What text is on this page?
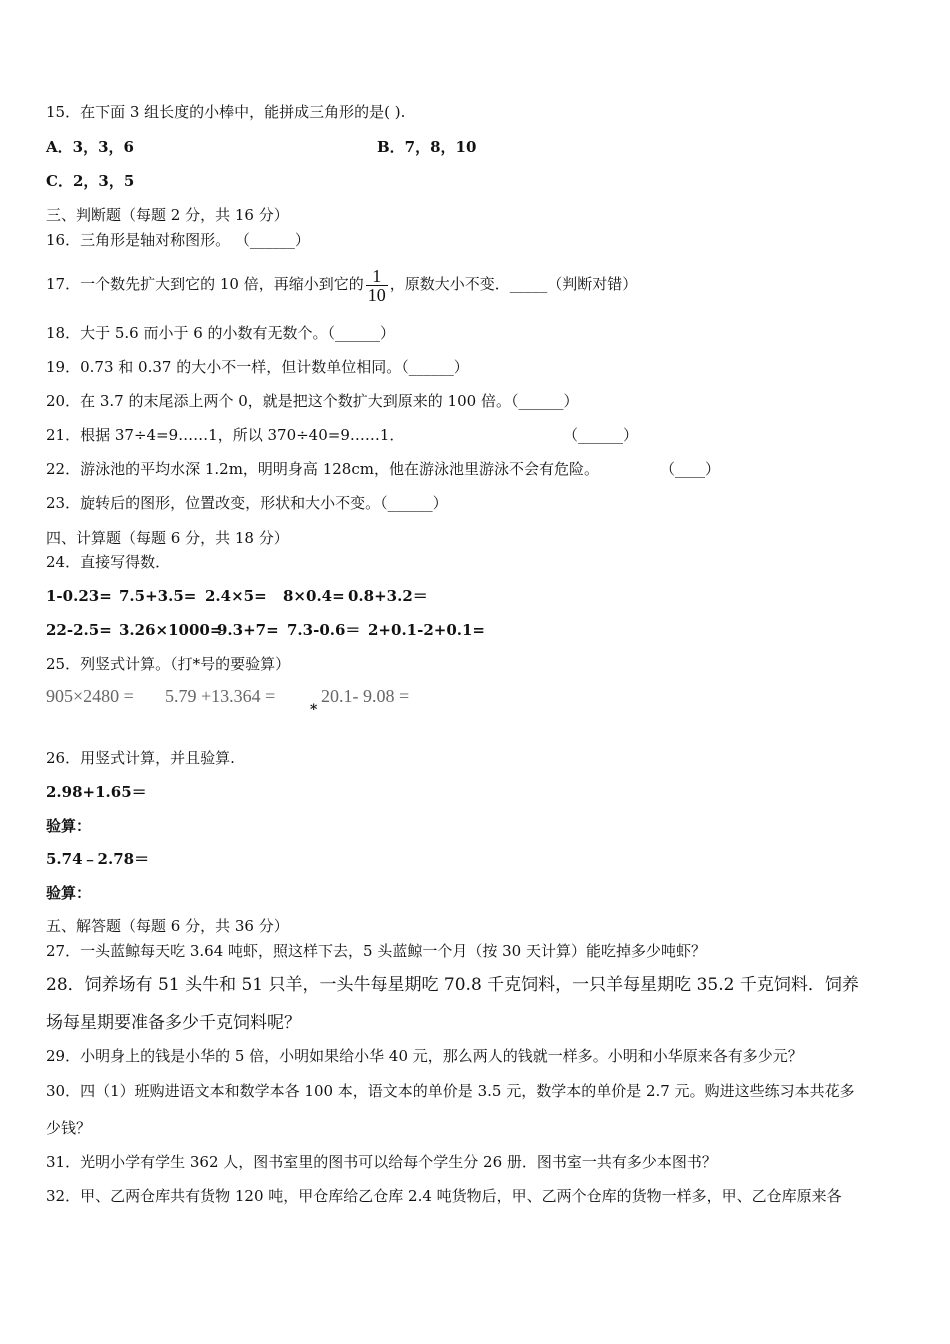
15．在下面 3 组长度的小棒中，能拼成三角形的是( ).
A．3，3，6	B．7，8，10
C．2，3，5
三、判断题（每题 2 分，共 16 分）
16．三角形是轴对称图形。 （______）
17．一个数先扩大到它的 10 倍，再缩小到它的 $\frac{1}{10}$ ，原数大小不变．_____（判断对错）
18．大于 5.6 而小于 6 的小数有无数个。（______）
19．0.73 和 0.37 的大小不一样，但计数单位相同。（______）
20．在 3.7 的末尾添上两个 0，就是把这个数扩大到原来的 100 倍。（______）
21．根据 37÷4=9……1，所以 370÷40=9……1．	（______）
22．游泳池的平均水深 1.2m，明明身高 128cm，他在游泳池里游泳不会有危险。	（____）
23．旋转后的图形，位置改变，形状和大小不变。（______）
四、计算题（每题 6 分，共 18 分）
24．直接写得数．
1-0.23= 7.5+3.5= 2.4×5= 8×0.4= 0.8+3.2＝
22-2.5= 3.26×1000=
9.3+7= 7.3-0.6＝ 2+0.1-2+0.1=
25．列竖式计算。（打*号的要验算）
905×2480 = 5.79 +13.364 =
*
20.1- 9.08 =
26．用竖式计算，并且验算.
2.98+1.65＝
验算：
5.74﹣2.78＝
验算：
五、解答题（每题 6 分，共 36 分）
27．一头蓝鲸每天吃 3.64 吨虾，照这样下去，5 头蓝鲸一个月（按 30 天计算）能吃掉多少吨虾？
28．饲养场有 51 头牛和 51 只羊，一头牛每星期吃 70.8 千克饲料，一只羊每星期吃 35.2 千克饲料．饲养
场每星期要准备多少千克饲料呢？
29．小明身上的钱是小华的 5 倍，小明如果给小华 40 元，那么两人的钱就一样多。小明和小华原来各有多少元？
30．四（1）班购进语文本和数学本各 100 本，语文本的单价是 3.5 元，数学本的单价是 2.7 元。购进这些练习本共花多
少钱？
31．光明小学有学生 362 人，图书室里的图书可以给每个学生分 26 册．图书室一共有多少本图书？
32．甲、乙两仓库共有货物 120 吨，甲仓库给乙仓库 2.4 吨货物后，甲、乙两个仓库的货物一样多，甲、乙仓库原来各
